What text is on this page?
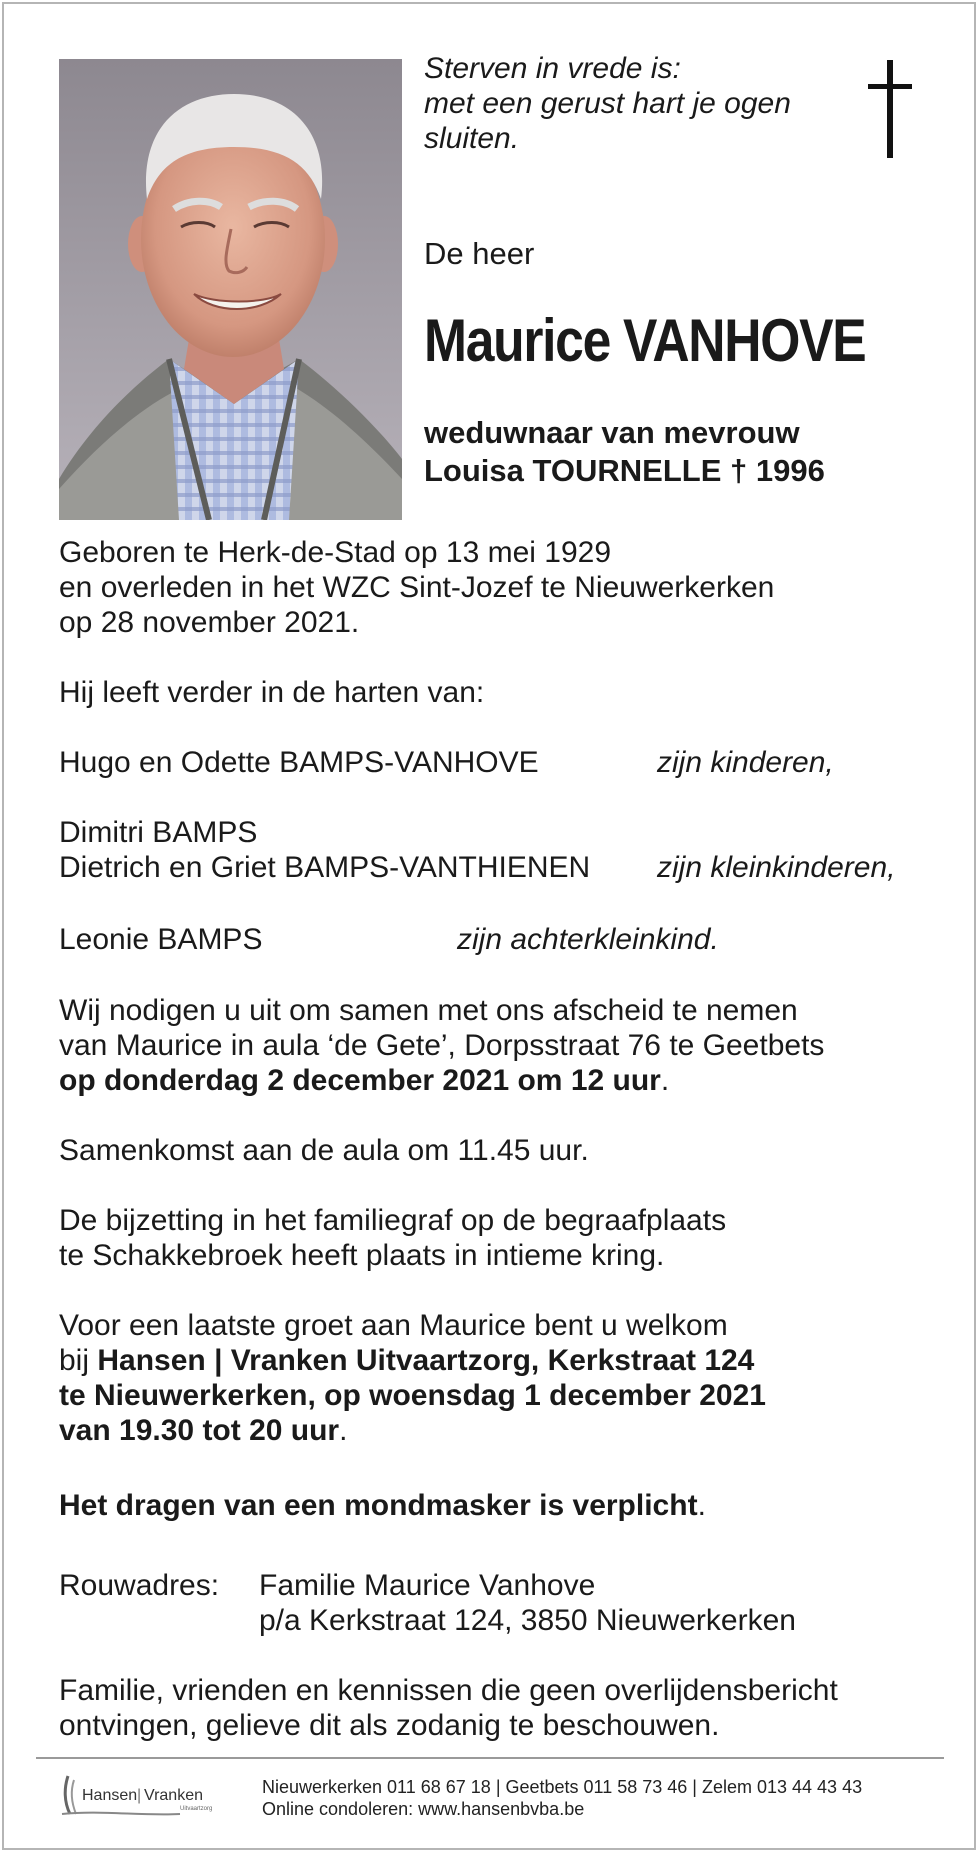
Sterven in vrede is:
met een gerust hart je ogen
sluiten.
De heer
Maurice VANHOVE
weduwnaar van mevrouw
Louisa TOURNELLE † 1996
Geboren te Herk-de-Stad op 13 mei 1929
en overleden in het WZC Sint-Jozef te Nieuwerkerken
op 28 november 2021.
Hij leeft verder in de harten van:
Hugo en Odette BAMPS-VANHOVE	zijn kinderen,
Dimitri BAMPS
Dietrich en Griet BAMPS-VANTHIENEN zijn kleinkinderen,
Leonie BAMPS	zijn achterkleinkind.
Wij nodigen u uit om samen met ons afscheid te nemen
van Maurice in aula ‘de Gete’, Dorpsstraat 76 te Geetbets
op donderdag 2 december 2021 om 12 uur.
Samenkomst aan de aula om 11.45 uur.
De bijzetting in het familiegraf op de begraafplaats
te Schakkebroek heeft plaats in intieme kring.
Voor een laatste groet aan Maurice bent u welkom
bij Hansen | Vranken Uitvaartzorg, Kerkstraat 124
te Nieuwerkerken, op woensdag 1 december 2021
van 19.30 tot 20 uur.
Het dragen van een mondmasker is verplicht.
Rouwadres: Familie Maurice Vanhove
p/a Kerkstraat 124, 3850 Nieuwerkerken
Familie, vrienden en kennissen die geen overlijdensbericht
ontvingen, gelieve dit als zodanig te beschouwen.
Hansen | Vranken
Uitvaartzorg
Nieuwerkerken 011 68 67 18 | Geetbets 011 58 73 46 | Zelem 013 44 43 43
Online condoleren: www.hansenbvba.be
